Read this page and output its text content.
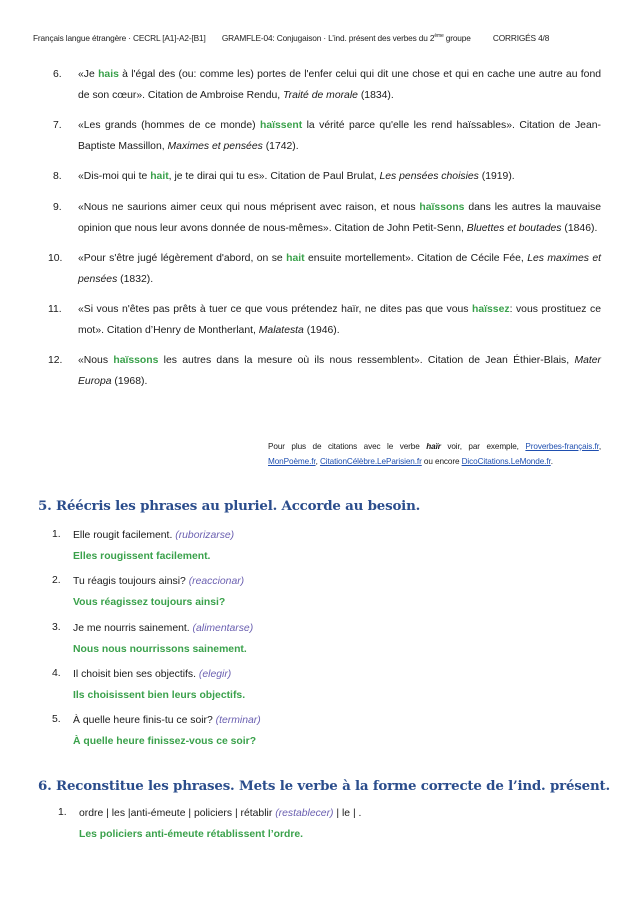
Français langue étrangère · CECRL [A1]-A2-[B1] GRAMFLE-04: Conjugaison · L’ind. présent des verbes du 2ème groupe	CORRIGÉS 4/8
6. «Je hais à l'égal des (ou: comme les) portes de l'enfer celui qui dit une chose et qui en cache une autre au fond de son cœur». Citation de Ambroise Rendu, Traité de morale (1834).
7. «Les grands (hommes de ce monde) haïssent la vérité parce qu'elle les rend haïssables». Citation de Jean-Baptiste Massillon, Maximes et pensées (1742).
8. «Dis-moi qui te hait, je te dirai qui tu es». Citation de Paul Brulat, Les pensées choisies (1919).
9. «Nous ne saurions aimer ceux qui nous méprisent avec raison, et nous haïssons dans les autres la mauvaise opinion que nous leur avons donnée de nous-mêmes». Citation de John Petit-Senn, Bluettes et boutades (1846).
10. «Pour s'être jugé légèrement d'abord, on se hait ensuite mortellement». Citation de Cécile Fée, Les maximes et pensées (1832).
11. «Si vous n'êtes pas prêts à tuer ce que vous prétendez haïr, ne dites pas que vous haïssez: vous prostituez ce mot». Citation d’Henry de Montherlant, Malatesta (1946).
12. «Nous haïssons les autres dans la mesure où ils nous ressemblent». Citation de Jean Éthier-Blais, Mater Europa (1968).
Pour plus de citations avec le verbe haïr voir, par exemple, Proverbes-français.fr, MonPoème.fr, CitationCélèbre.LeParisien.fr ou encore DicoCitations.LeMonde.fr.
5. Réécris les phrases au pluriel. Accorde au besoin.
1. Elle rougit facilement. (ruborizarse)
Elles rougissent facilement.
2. Tu réagis toujours ainsi? (reaccionar)
Vous réagissez toujours ainsi?
3. Je me nourris sainement. (alimentarse)
Nous nous nourrissons sainement.
4. Il choisit bien ses objectifs. (elegir)
Ils choisissent bien leurs objectifs.
5. À quelle heure finis-tu ce soir? (terminar)
À quelle heure finissez-vous ce soir?
6. Reconstitue les phrases. Mets le verbe à la forme correcte de l’ind. présent.
1. ordre | les |anti-émeute | policiers | rétablir (restablecer) | le | .
Les policiers anti-émeute rétablissent l’ordre.
